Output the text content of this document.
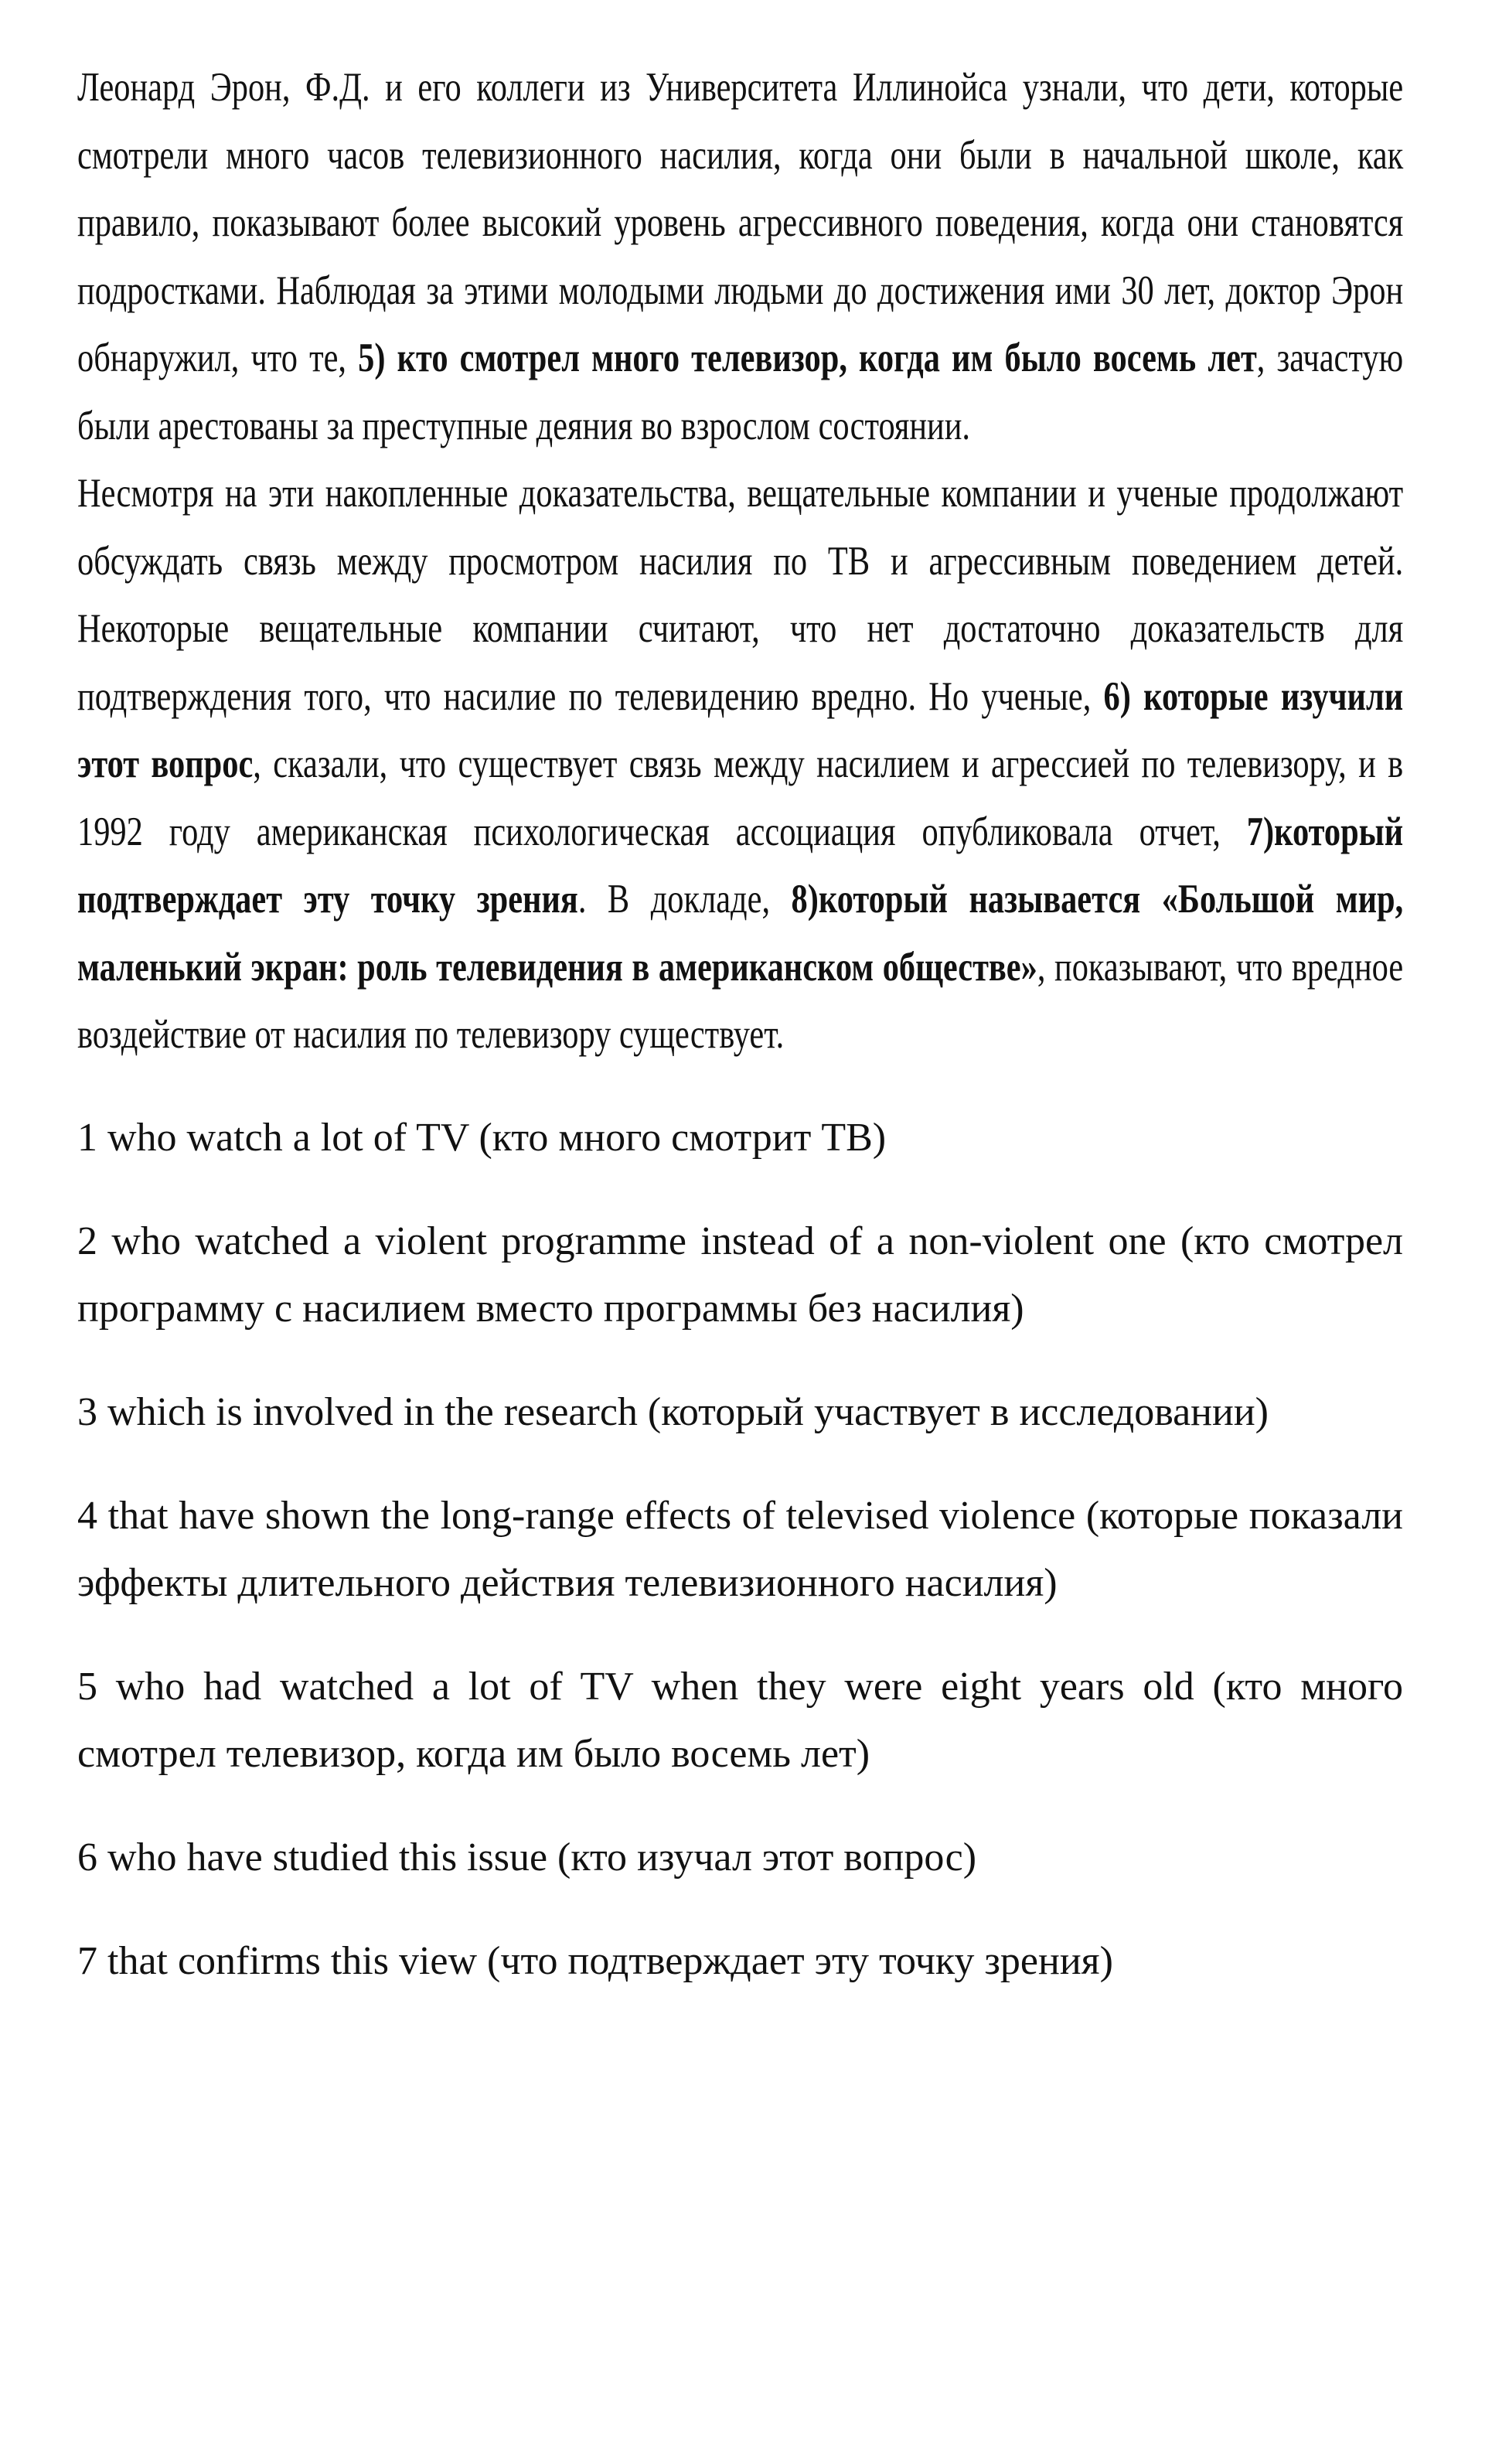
Леонард Эрон, Ф.Д. и его коллеги из Университета Иллинойса узнали, что дети, которые смотрели много часов телевизионного насилия, когда они были в начальной школе, как правило, показывают более высокий уровень агрессивного поведения, когда они становятся подростками. Наблюдая за этими молодыми людьми до достижения ими 30 лет, доктор Эрон обнаружил, что те, 5) кто смотрел много телевизор, когда им было восемь лет, зачастую были арестованы за преступные деяния во взрослом состоянии.

Несмотря на эти накопленные доказательства, вещательные компании и ученые продолжают обсуждать связь между просмотром насилия по ТВ и агрессивным поведением детей. Некоторые вещательные компании считают, что нет достаточно доказательств для подтверждения того, что насилие по телевидению вредно. Но ученые, 6) которые изучили этот вопрос, сказали, что существует связь между насилием и агрессией по телевизору, и в 1992 году американская психологическая ассоциация опубликовала отчет, 7)который подтверждает эту точку зрения. В докладе, 8)который называется «Большой мир, маленький экран: роль телевидения в американском обществе», показывают, что вредное воздействие от насилия по телевизору существует.

1 who watch a lot of TV (кто много смотрит ТВ)
2 who watched a violent programme instead of a non-violent one (кто смотрел программу с насилием вместо программы без насилия)
3 which is involved in the research (который участвует в исследовании)
4 that have shown the long-range effects of televised violence (которые показали эффекты длительного действия телевизионного насилия)
5 who had watched a lot of TV when they were eight years old (кто много смотрел телевизор, когда им было восемь лет)
6 who have studied this issue (кто изучал этот вопрос)
7 that confirms this view (что подтверждает эту точку зрения)
